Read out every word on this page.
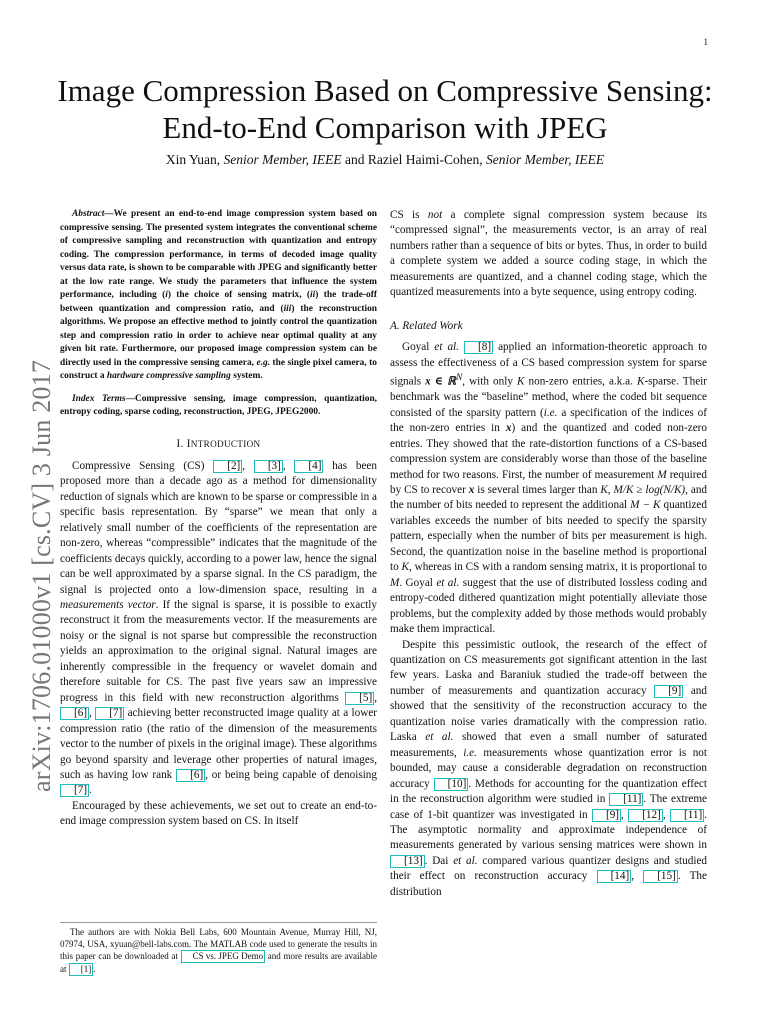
1
arXiv:1706.01000v1 [cs.CV] 3 Jun 2017
Image Compression Based on Compressive Sensing:
End-to-End Comparison with JPEG
Xin Yuan, Senior Member, IEEE and Raziel Haimi-Cohen, Senior Member, IEEE

Abstract—We present an end-to-end image compression system based on compressive sensing. The presented system integrates the conventional scheme of compressive sampling and reconstruction with quantization and entropy coding. The compression performance, in terms of decoded image quality versus data rate, is shown to be comparable with JPEG and significantly better at the low rate range. We study the parameters that influence the system performance, including (i) the choice of sensing matrix, (ii) the trade-off between quantization and compression ratio, and (iii) the reconstruction algorithms. We propose an effective method to jointly control the quantization step and compression ratio in order to achieve near optimal quality at any given bit rate. Furthermore, our proposed image compression system can be directly used in the compressive sensing camera, e.g. the single pixel camera, to construct a hardware compressive sampling system.

Index Terms—Compressive sensing, image compression, quantization, entropy coding, sparse coding, reconstruction, JPEG, JPEG2000.

I. INTRODUCTION

Compressive Sensing (CS) [2] , [3] , [4] has been proposed more than a decade ago as a method for dimensionality reduction of signals which are known to be sparse or compressible in a specific basis representation. By “sparse” we mean that only a relatively small number of the coefficients of the representation are non-zero, whereas “compressible” indicates that the magnitude of the coefficients decays quickly, according to a power law, hence the signal can be well approximated by a sparse signal. In the CS paradigm, the signal is projected onto a low-dimension space, resulting in a measurements vector. If the signal is sparse, it is possible to exactly reconstruct it from the measurements vector. If the measurements are noisy or the signal is not sparse but compressible the reconstruction yields an approximation to the original signal. Natural images are inherently compressible in the frequency or wavelet domain and therefore suitable for CS. The past five years saw an impressive progress in this field with new reconstruction algorithms [5] , [6] , [7] achieving better reconstructed image quality at a lower compression ratio (the ratio of the dimension of the measurements vector to the number of pixels in the original image). These algorithms go beyond sparsity and leverage other properties of natural images, such as having low rank [6] , or being being capable of denoising [7] .

Encouraged by these achievements, we set out to create an end-to-end image compression system based on CS. In itself

The authors are with Nokia Bell Labs, 600 Mountain Avenue, Murray Hill, NJ, 07974, USA, xyuan@bell-labs.com. The MATLAB code used to generate the results in this paper can be downloaded at CS vs. JPEG Demo and more results are available at [1] .

CS is not a complete signal compression system because its “compressed signal”, the measurements vector, is an array of real numbers rather than a sequence of bits or bytes. Thus, in order to build a complete system we added a source coding stage, in which the measurements are quantized, and a channel coding stage, which the quantized measurements into a byte sequence, using entropy coding.

A. Related Work

Goyal et al. [8] applied an information-theoretic approach to assess the effectiveness of a CS based compression system for sparse signals x ∈ ℝ$^N$, with only K non-zero entries, a.k.a. K-sparse. Their benchmark was the “baseline” method, where the coded bit sequence consisted of the sparsity pattern (i.e. a specification of the indices of the non-zero entries in x) and the quantized and coded non-zero entries. They showed that the rate-distortion functions of a CS-based compression system are considerably worse than those of the baseline method for two reasons. First, the number of measurement M required by CS to recover x is several times larger than K, M/K ≥ log(N/K), and the number of bits needed to represent the additional M − K quantized variables exceeds the number of bits needed to specify the sparsity pattern, especially when the number of bits per measurement is high. Second, the quantization noise in the baseline method is proportional to K, whereas in CS with a random sensing matrix, it is proportional to M. Goyal et al. suggest that the use of distributed lossless coding and entropy-coded dithered quantization might potentially alleviate those problems, but the complexity added by those methods would probably make them impractical.

Despite this pessimistic outlook, the research of the effect of quantization on CS measurements got significant attention in the last few years. Laska and Baraniuk studied the trade-off between the number of measurements and quantization accuracy [9] and showed that the sensitivity of the reconstruction accuracy to the quantization noise varies dramatically with the compression ratio. Laska et al. showed that even a small number of saturated measurements, i.e. measurements whose quantization error is not bounded, may cause a considerable degradation on reconstruction accuracy [10] . Methods for accounting for the quantization effect in the reconstruction algorithm were studied in [11] . The extreme case of 1-bit quantizer was investigated in [9] , [12] , [11] . The asymptotic normality and approximate independence of measurements generated by various sensing matrices were shown in [13] . Dai et al. compared various quantizer designs and studied their effect on reconstruction accuracy [14] , [15] . The distribution
